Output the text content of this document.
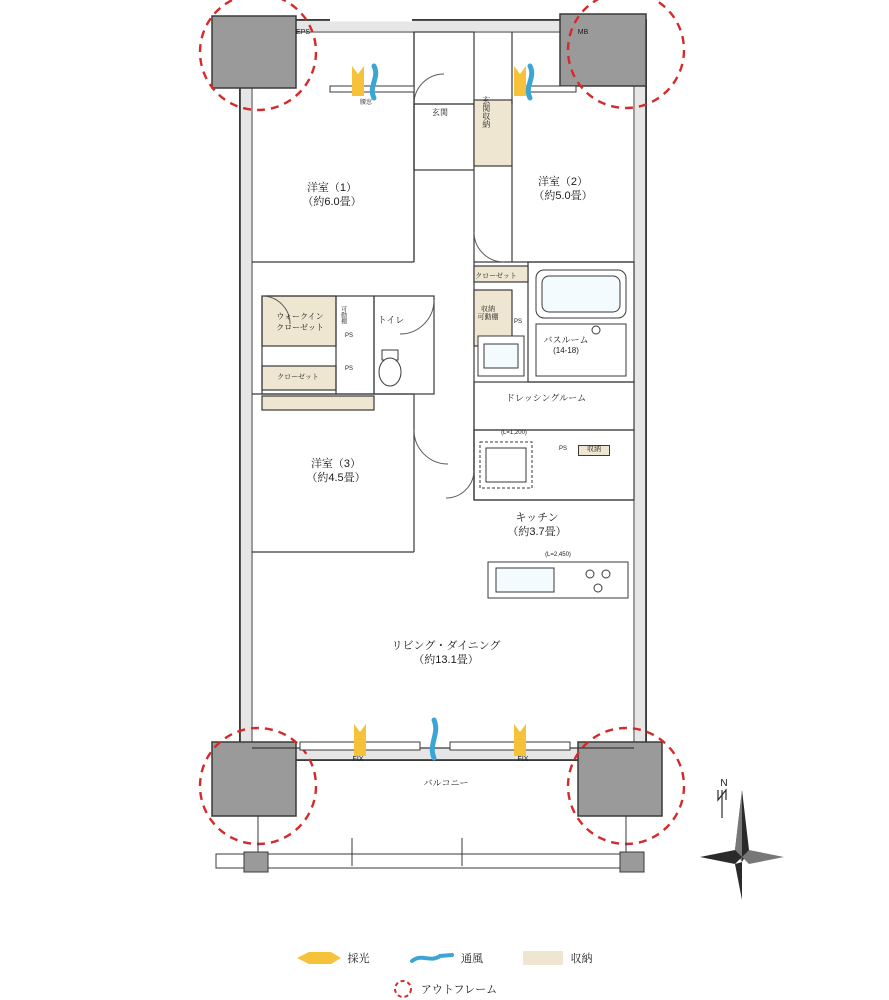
洋室（1）
（約6.0畳）
洋室（2）
（約5.0畳）
洋室（3）
（約4.5畳）
リビング・ダイニング
（約13.1畳）
キッチン
（約3.7畳）
EPS	MB
腰窓
玄関
バスルーム
(14-18)
ドレッシングルーム
トイレ
クローゼット
クローゼット
PS
PS
PS
PS
(L=1,200)
(L=2,450)
FIX	FIX
バルコニー
玄関収納
可動棚	収納
可動棚
収納
ウォークイン
クローゼット
N
採光	通風	収納
アウトフレーム
